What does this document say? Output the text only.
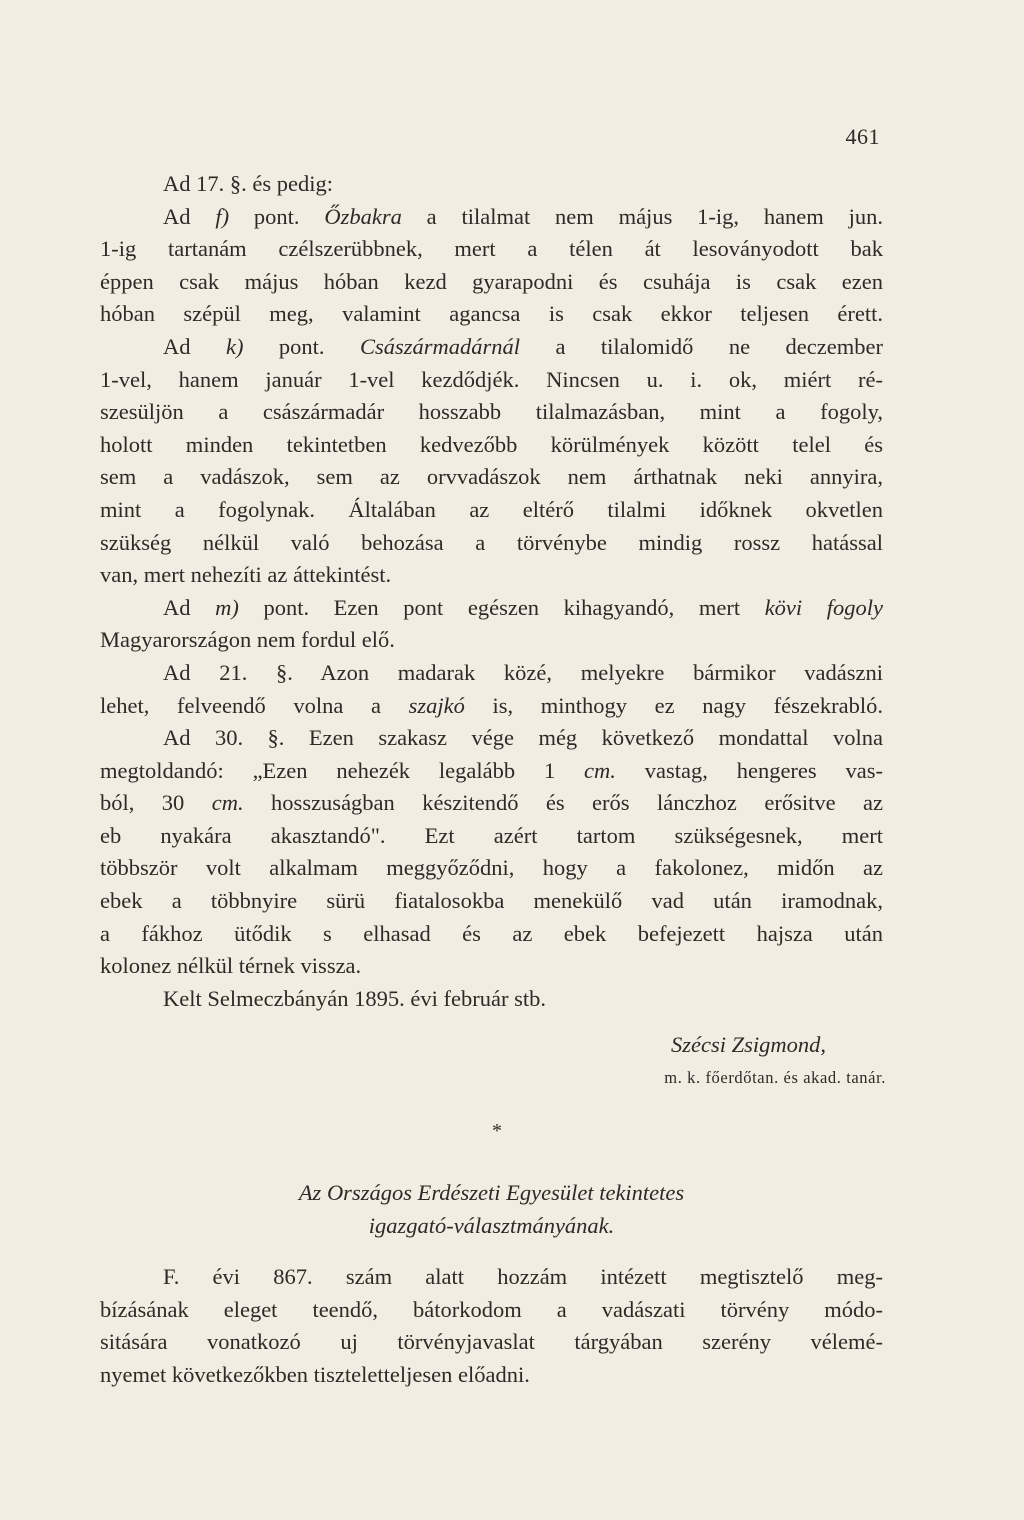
461
Ad 17. §. és pedig:
Ad f) pont. Őzbakra a tilalmat nem május 1-ig, hanem jun.
1-ig tartanám czélszerübbnek, mert a télen át lesoványodott bak
éppen csak május hóban kezd gyarapodni és csuhája is csak ezen
hóban szépül meg, valamint agancsa is csak ekkor teljesen érett.
Ad k) pont. Császármadárnál a tilalomidő ne deczember
1-vel, hanem január 1-vel kezdődjék. Nincsen u. i. ok, miért ré-
szesüljön a császármadár hosszabb tilalmazásban, mint a fogoly,
holott minden tekintetben kedvezőbb körülmények között telel és
sem a vadászok, sem az orvvadászok nem árthatnak neki annyira,
mint a fogolynak. Általában az eltérő tilalmi időknek okvetlen
szükség nélkül való behozása a törvénybe mindig rossz hatással
van, mert nehezíti az áttekintést.
Ad m) pont. Ezen pont egészen kihagyandó, mert kövi fogoly
Magyarországon nem fordul elő.
Ad 21. §. Azon madarak közé, melyekre bármikor vadászni
lehet, felveendő volna a szajkó is, minthogy ez nagy fészekrabló.
Ad 30. §. Ezen szakasz vége még következő mondattal volna
megtoldandó: „Ezen nehezék legalább 1 cm. vastag, hengeres vas-
ból, 30 cm. hosszuságban készitendő és erős lánczhoz erősitve az
eb nyakára akasztandó". Ezt azért tartom szükségesnek, mert
többször volt alkalmam meggyőződni, hogy a fakolonez, midőn az
ebek a többnyire sürü fiatalosokba menekülő vad után iramodnak,
a fákhoz ütődik s elhasad és az ebek befejezett hajsza után
kolonez nélkül térnek vissza.
Kelt Selmeczbányán 1895. évi február stb.
Szécsi Zsigmond,
m. k. főerdőtan. és akad. tanár.
*
Az Országos Erdészeti Egyesület tekintetes
igazgató-választmányának.
F. évi 867. szám alatt hozzám intézett megtisztelő meg-
bízásának eleget teendő, bátorkodom a vadászati törvény módo-
sitására vonatkozó uj törvényjavaslat tárgyában szerény vélemé-
nyemet következőkben tiszteletteljesen előadni.
